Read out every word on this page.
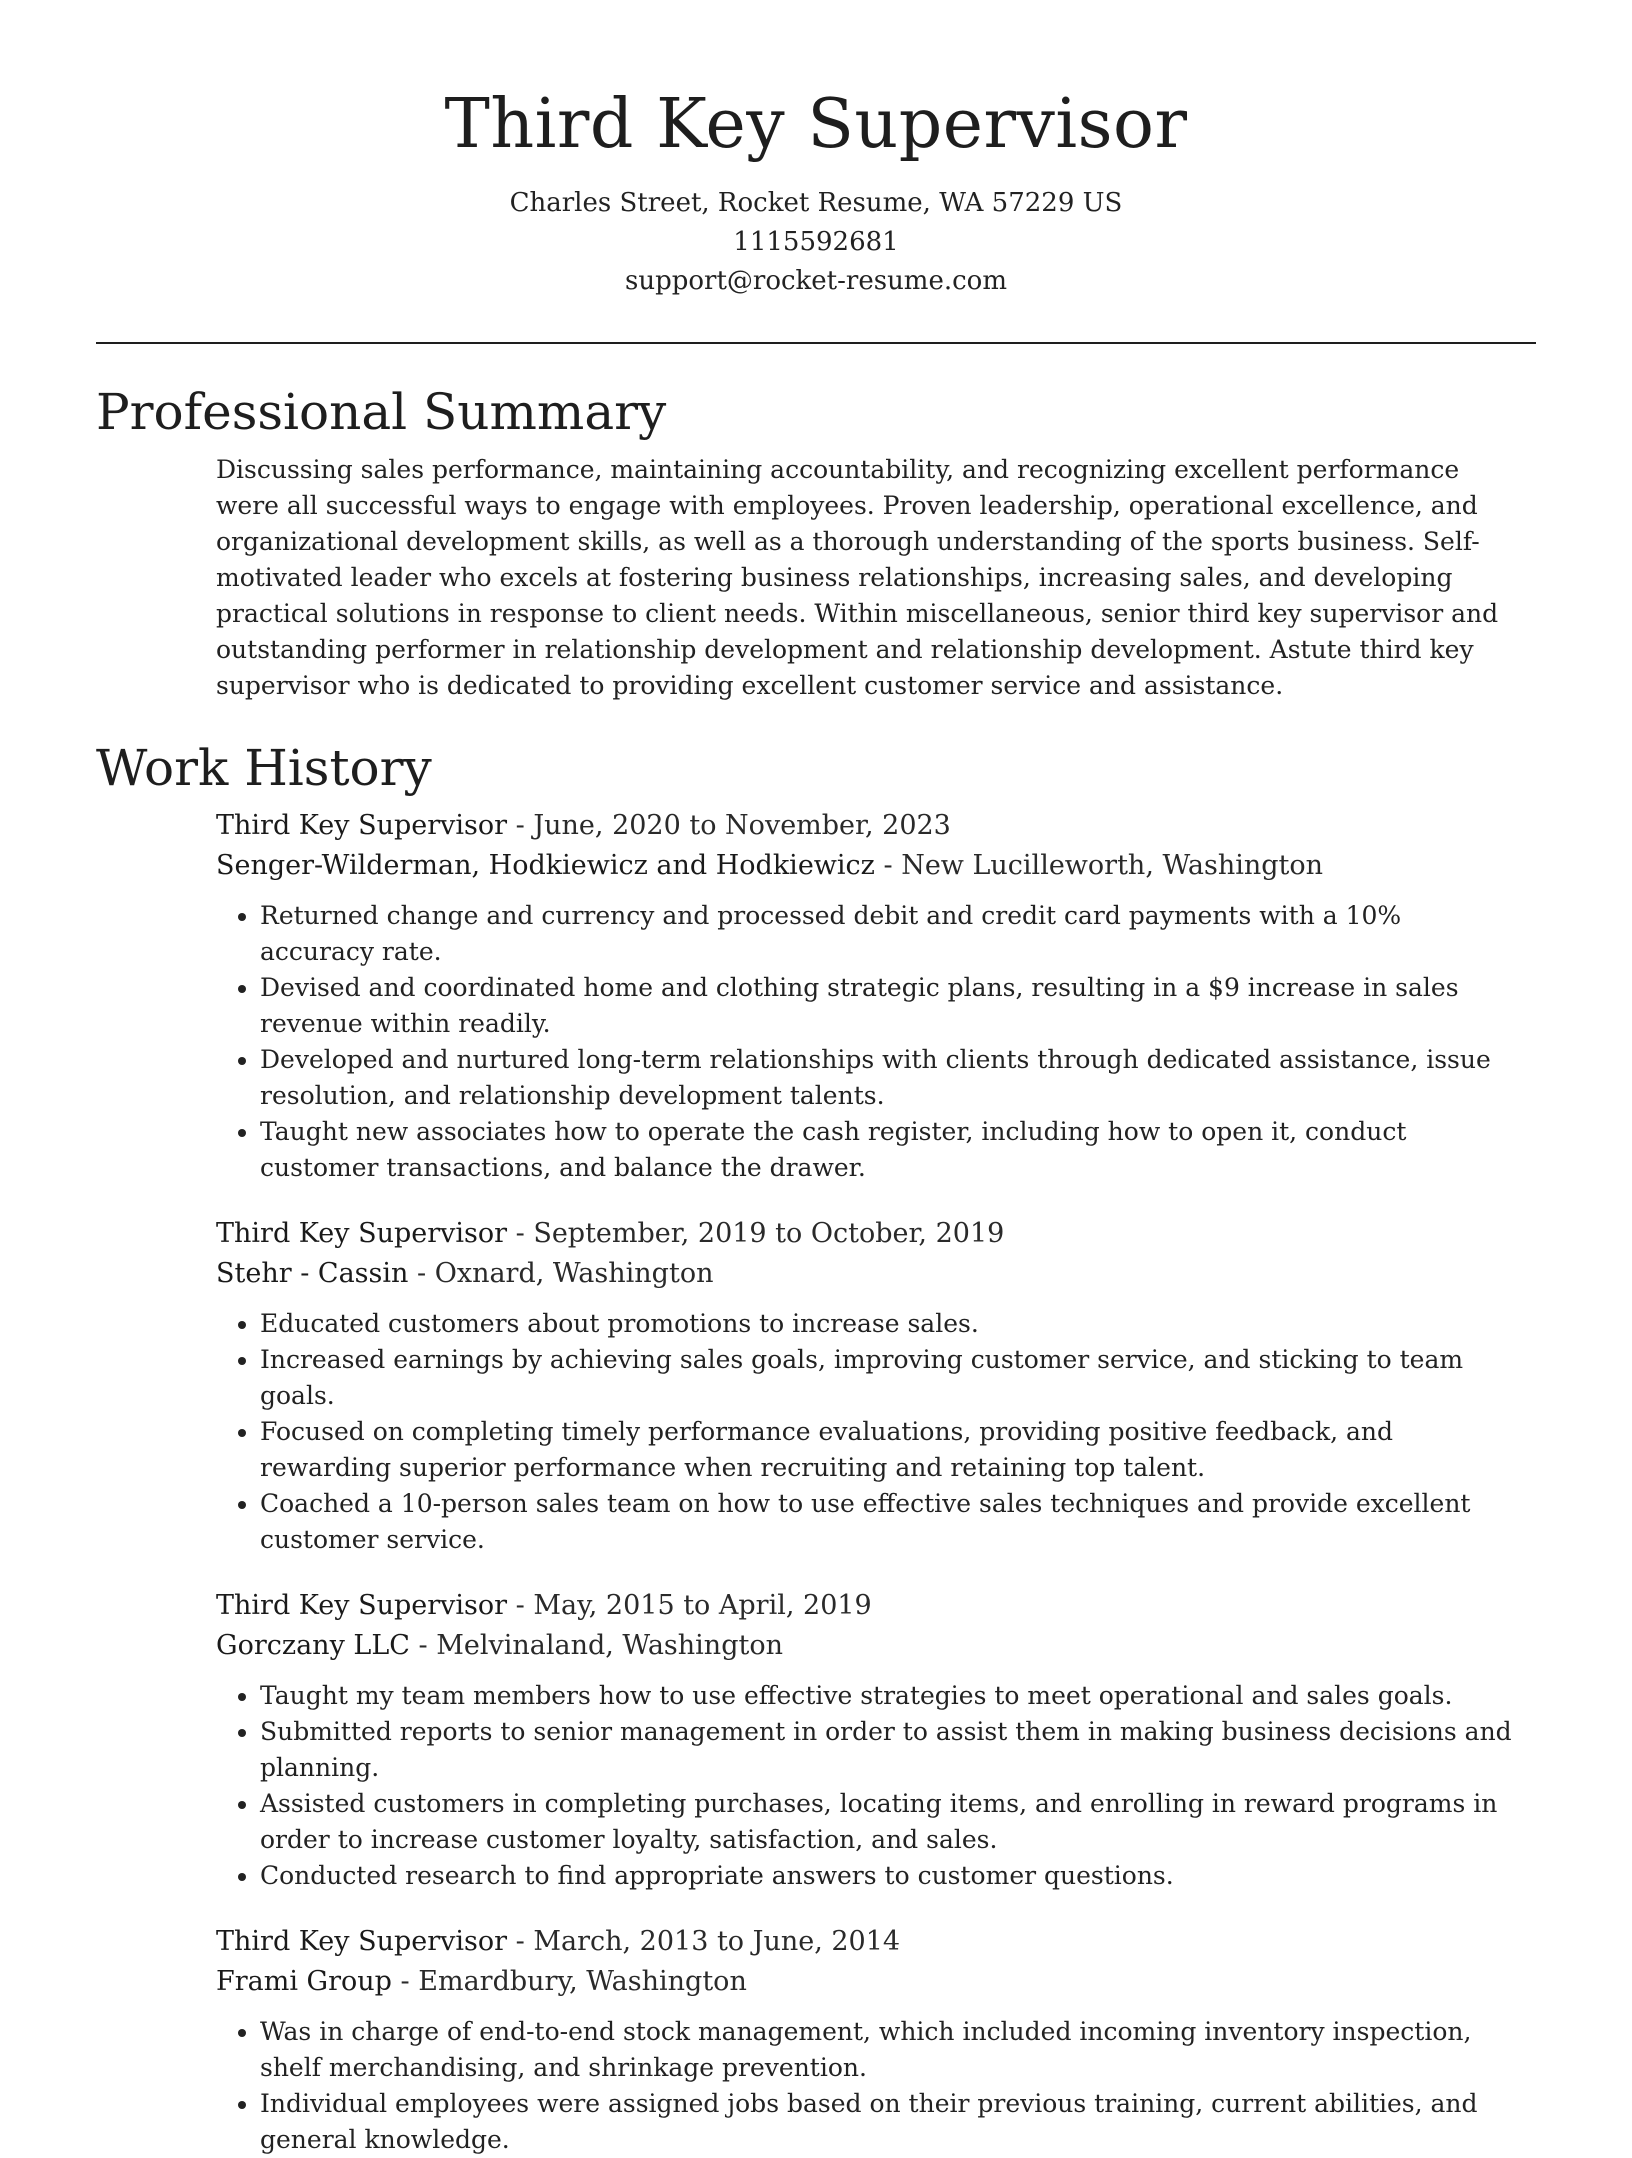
Third Key Supervisor
Charles Street, Rocket Resume, WA 57229 US
1115592681
support@rocket-resume.com
Professional Summary

Discussing sales performance, maintaining accountability, and recognizing excellent performance were all successful ways to engage with employees. Proven leadership, operational excellence, and organizational development skills, as well as a thorough understanding of the sports business. Self-motivated leader who excels at fostering business relationships, increasing sales, and developing practical solutions in response to client needs. Within miscellaneous, senior third key supervisor and outstanding performer in relationship development and relationship development. Astute third key supervisor who is dedicated to providing excellent customer service and assistance.

Work History
Third Key Supervisor - June, 2020 to November, 2023
Senger-Wilderman, Hodkiewicz and Hodkiewicz - New Lucilleworth, Washington
• Returned change and currency and processed debit and credit card payments with a 10% accuracy rate.
• Devised and coordinated home and clothing strategic plans, resulting in a $9 increase in sales revenue within readily.
• Developed and nurtured long-term relationships with clients through dedicated assistance, issue resolution, and relationship development talents.
• Taught new associates how to operate the cash register, including how to open it, conduct customer transactions, and balance the drawer.
Third Key Supervisor - September, 2019 to October, 2019
Stehr - Cassin - Oxnard, Washington
• Educated customers about promotions to increase sales.
• Increased earnings by achieving sales goals, improving customer service, and sticking to team goals.
• Focused on completing timely performance evaluations, providing positive feedback, and rewarding superior performance when recruiting and retaining top talent.
• Coached a 10-person sales team on how to use effective sales techniques and provide excellent customer service.
Third Key Supervisor - May, 2015 to April, 2019
Gorczany LLC - Melvinaland, Washington
• Taught my team members how to use effective strategies to meet operational and sales goals.
• Submitted reports to senior management in order to assist them in making business decisions and planning.
• Assisted customers in completing purchases, locating items, and enrolling in reward programs in order to increase customer loyalty, satisfaction, and sales.
• Conducted research to find appropriate answers to customer questions.
Third Key Supervisor - March, 2013 to June, 2014
Frami Group - Emardbury, Washington
• Was in charge of end-to-end stock management, which included incoming inventory inspection, shelf merchandising, and shrinkage prevention.
• Individual employees were assigned jobs based on their previous training, current abilities, and general knowledge.
